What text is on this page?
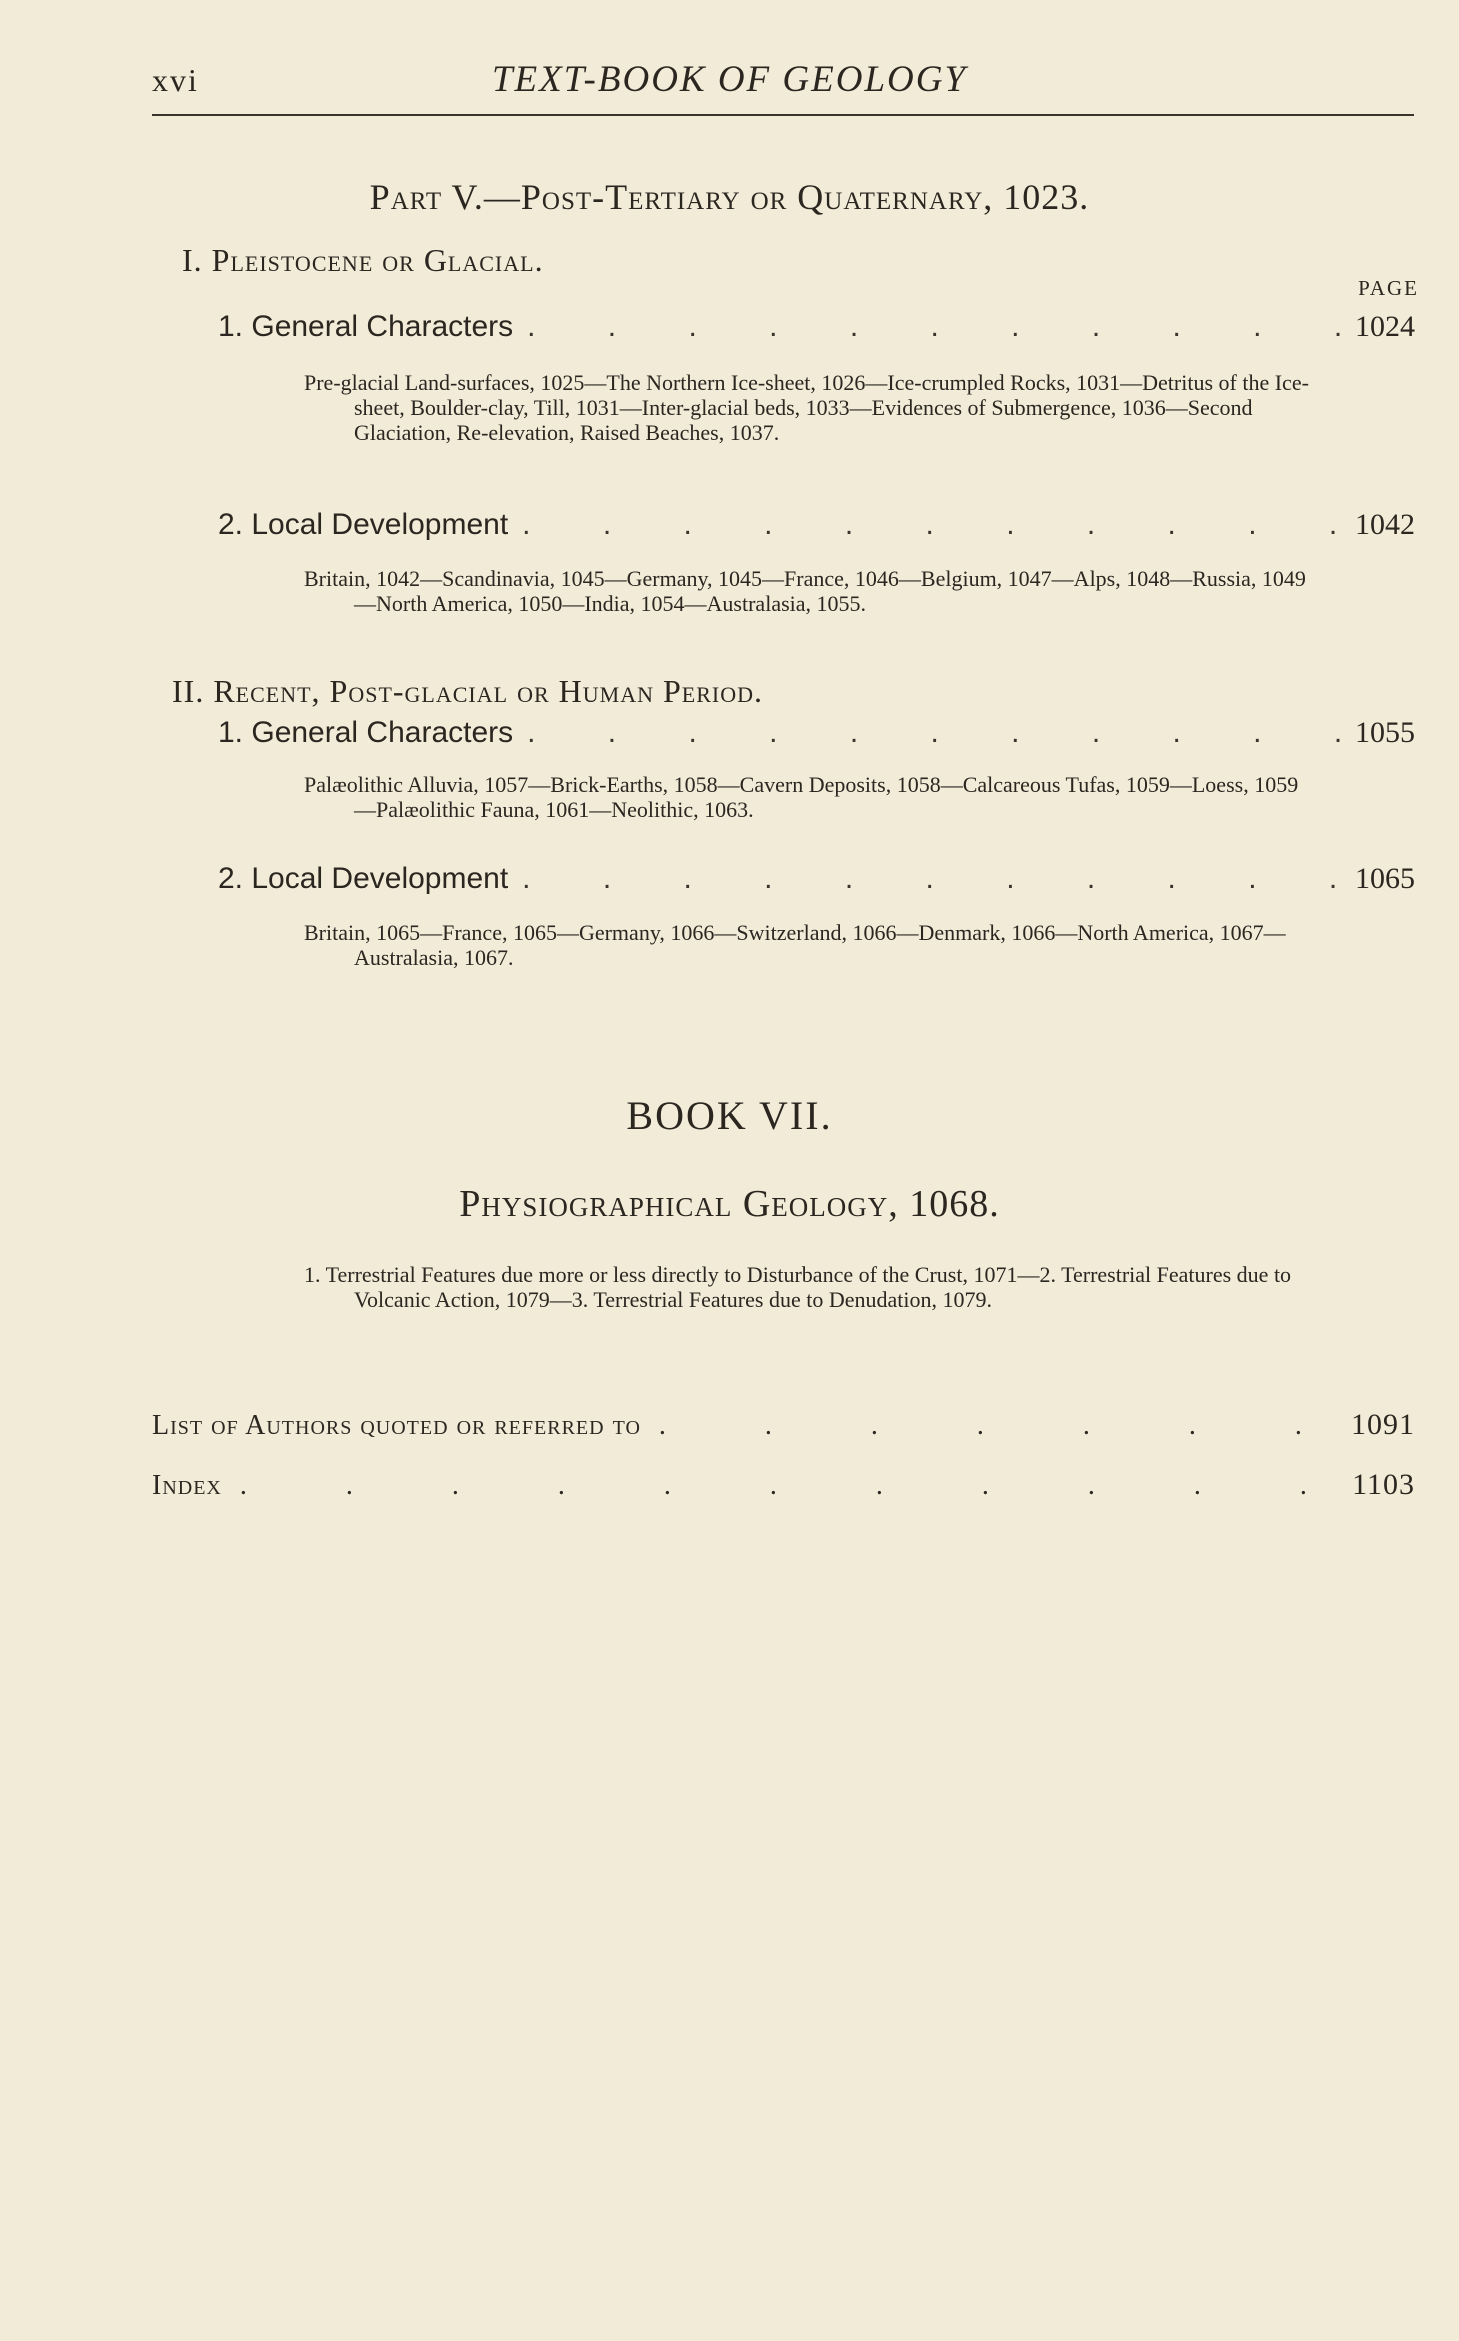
xvi	TEXT-BOOK OF GEOLOGY
Part V.—Post-Tertiary or Quaternary, 1023.
I. Pleistocene or Glacial.
PAGE
1. General Characters . . .	1024

Pre-glacial Land-surfaces, 1025—The Northern Ice-sheet, 1026—Ice-crumpled Rocks, 1031—Detritus of the Ice-sheet, Boulder-clay, Till, 1031—Inter-glacial beds, 1033—Evidences of Submergence, 1036—Second Glaciation, Re-elevation, Raised Beaches, 1037.

2. Local Development . . .	1042

Britain, 1042—Scandinavia, 1045—Germany, 1045—France, 1046—Belgium, 1047—Alps, 1048—Russia, 1049—North America, 1050—India, 1054—Australasia, 1055.

II. Recent, Post-glacial or Human Period.
1. General Characters . . .	1055

Palæolithic Alluvia, 1057—Brick-Earths, 1058—Cavern Deposits, 1058—Calcareous Tufas, 1059—Loess, 1059—Palæolithic Fauna, 1061—Neolithic, 1063.

2. Local Development . . .	1065

Britain, 1065—France, 1065—Germany, 1066—Switzerland, 1066—Denmark, 1066—North America, 1067—Australasia, 1067.

BOOK VII.
Physiographical Geology, 1068.

1. Terrestrial Features due more or less directly to Disturbance of the Crust, 1071—2. Terrestrial Features due to Volcanic Action, 1079—3. Terrestrial Features due to Denudation, 1079.

List of Authors quoted or referred to . . .	1091
Index . . .	1103
